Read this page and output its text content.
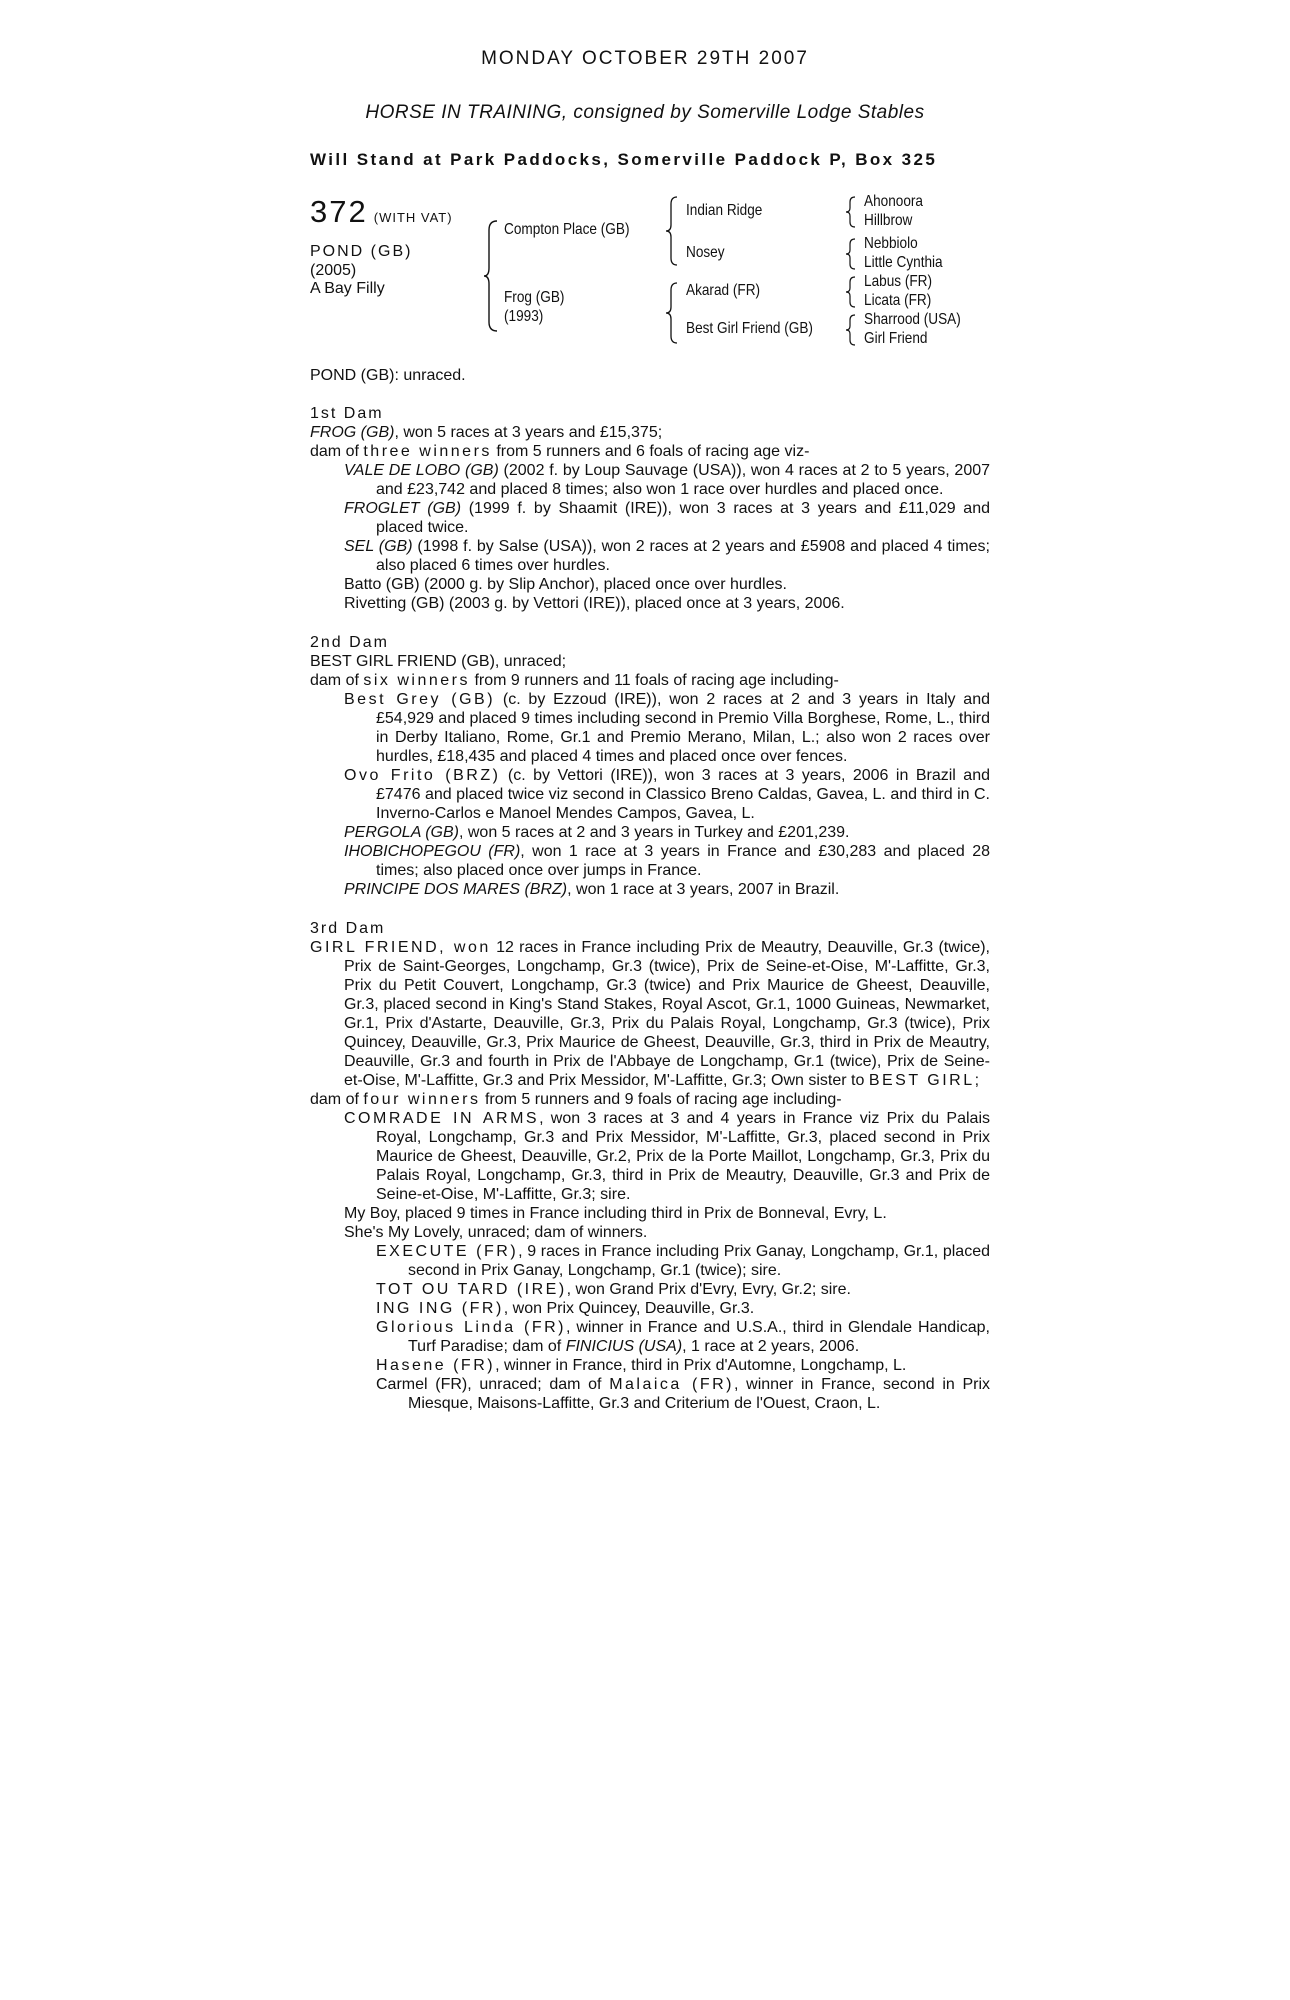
MONDAY OCTOBER 29TH 2007
HORSE IN TRAINING, consigned by Somerville Lodge Stables
Will Stand at Park Paddocks, Somerville Paddock P, Box 325
372 (WITH VAT)
POND (GB)
(2005)
A Bay Filly
Compton Place (GB)
Frog (GB)
(1993)
Indian Ridge
Nosey
Akarad (FR)
Best Girl Friend (GB)
Ahonoora
Hillbrow
Nebbiolo
Little Cynthia
Labus (FR)
Licata (FR)
Sharrood (USA)
Girl Friend

POND (GB): unraced.

1st Dam

FROG (GB), won 5 races at 3 years and £15,375;

dam of three winners from 5 runners and 6 foals of racing age viz-

VALE DE LOBO (GB) (2002 f. by Loup Sauvage (USA)), won 4 races at 2 to 5 years, 2007 and £23,742 and placed 8 times; also won 1 race over hurdles and placed once.

FROGLET (GB) (1999 f. by Shaamit (IRE)), won 3 races at 3 years and £11,029 and placed twice.

SEL (GB) (1998 f. by Salse (USA)), won 2 races at 2 years and £5908 and placed 4 times; also placed 6 times over hurdles.

Batto (GB) (2000 g. by Slip Anchor), placed once over hurdles.

Rivetting (GB) (2003 g. by Vettori (IRE)), placed once at 3 years, 2006.

2nd Dam

BEST GIRL FRIEND (GB), unraced;

dam of six winners from 9 runners and 11 foals of racing age including-

Best Grey (GB) (c. by Ezzoud (IRE)), won 2 races at 2 and 3 years in Italy and £54,929 and placed 9 times including second in Premio Villa Borghese, Rome, L., third in Derby Italiano, Rome, Gr.1 and Premio Merano, Milan, L.; also won 2 races over hurdles, £18,435 and placed 4 times and placed once over fences.

Ovo Frito (BRZ) (c. by Vettori (IRE)), won 3 races at 3 years, 2006 in Brazil and £7476 and placed twice viz second in Classico Breno Caldas, Gavea, L. and third in C. Inverno-Carlos e Manoel Mendes Campos, Gavea, L.

PERGOLA (GB), won 5 races at 2 and 3 years in Turkey and £201,239.

IHOBICHOPEGOU (FR), won 1 race at 3 years in France and £30,283 and placed 28 times; also placed once over jumps in France.

PRINCIPE DOS MARES (BRZ), won 1 race at 3 years, 2007 in Brazil.

3rd Dam

GIRL FRIEND, won 12 races in France including Prix de Meautry, Deauville, Gr.3 (twice), Prix de Saint-Georges, Longchamp, Gr.3 (twice), Prix de Seine-et-Oise, M'-Laffitte, Gr.3, Prix du Petit Couvert, Longchamp, Gr.3 (twice) and Prix Maurice de Gheest, Deauville, Gr.3, placed second in King's Stand Stakes, Royal Ascot, Gr.1, 1000 Guineas, Newmarket, Gr.1, Prix d'Astarte, Deauville, Gr.3, Prix du Palais Royal, Longchamp, Gr.3 (twice), Prix Quincey, Deauville, Gr.3, Prix Maurice de Gheest, Deauville, Gr.3, third in Prix de Meautry, Deauville, Gr.3 and fourth in Prix de l'Abbaye de Longchamp, Gr.1 (twice), Prix de Seine-et-Oise, M'-Laffitte, Gr.3 and Prix Messidor, M'-Laffitte, Gr.3; Own sister to BEST GIRL;

dam of four winners from 5 runners and 9 foals of racing age including-

COMRADE IN ARMS, won 3 races at 3 and 4 years in France viz Prix du Palais Royal, Longchamp, Gr.3 and Prix Messidor, M'-Laffitte, Gr.3, placed second in Prix Maurice de Gheest, Deauville, Gr.2, Prix de la Porte Maillot, Longchamp, Gr.3, Prix du Palais Royal, Longchamp, Gr.3, third in Prix de Meautry, Deauville, Gr.3 and Prix de Seine-et-Oise, M'-Laffitte, Gr.3; sire.

My Boy, placed 9 times in France including third in Prix de Bonneval, Evry, L.

She's My Lovely, unraced; dam of winners.

EXECUTE (FR), 9 races in France including Prix Ganay, Longchamp, Gr.1, placed second in Prix Ganay, Longchamp, Gr.1 (twice); sire.

TOT OU TARD (IRE), won Grand Prix d'Evry, Evry, Gr.2; sire.

ING ING (FR), won Prix Quincey, Deauville, Gr.3.

Glorious Linda (FR), winner in France and U.S.A., third in Glendale Handicap, Turf Paradise; dam of FINICIUS (USA), 1 race at 2 years, 2006.

Hasene (FR), winner in France, third in Prix d'Automne, Longchamp, L.

Carmel (FR), unraced; dam of Malaica (FR), winner in France, second in Prix Miesque, Maisons-Laffitte, Gr.3 and Criterium de l'Ouest, Craon, L.
